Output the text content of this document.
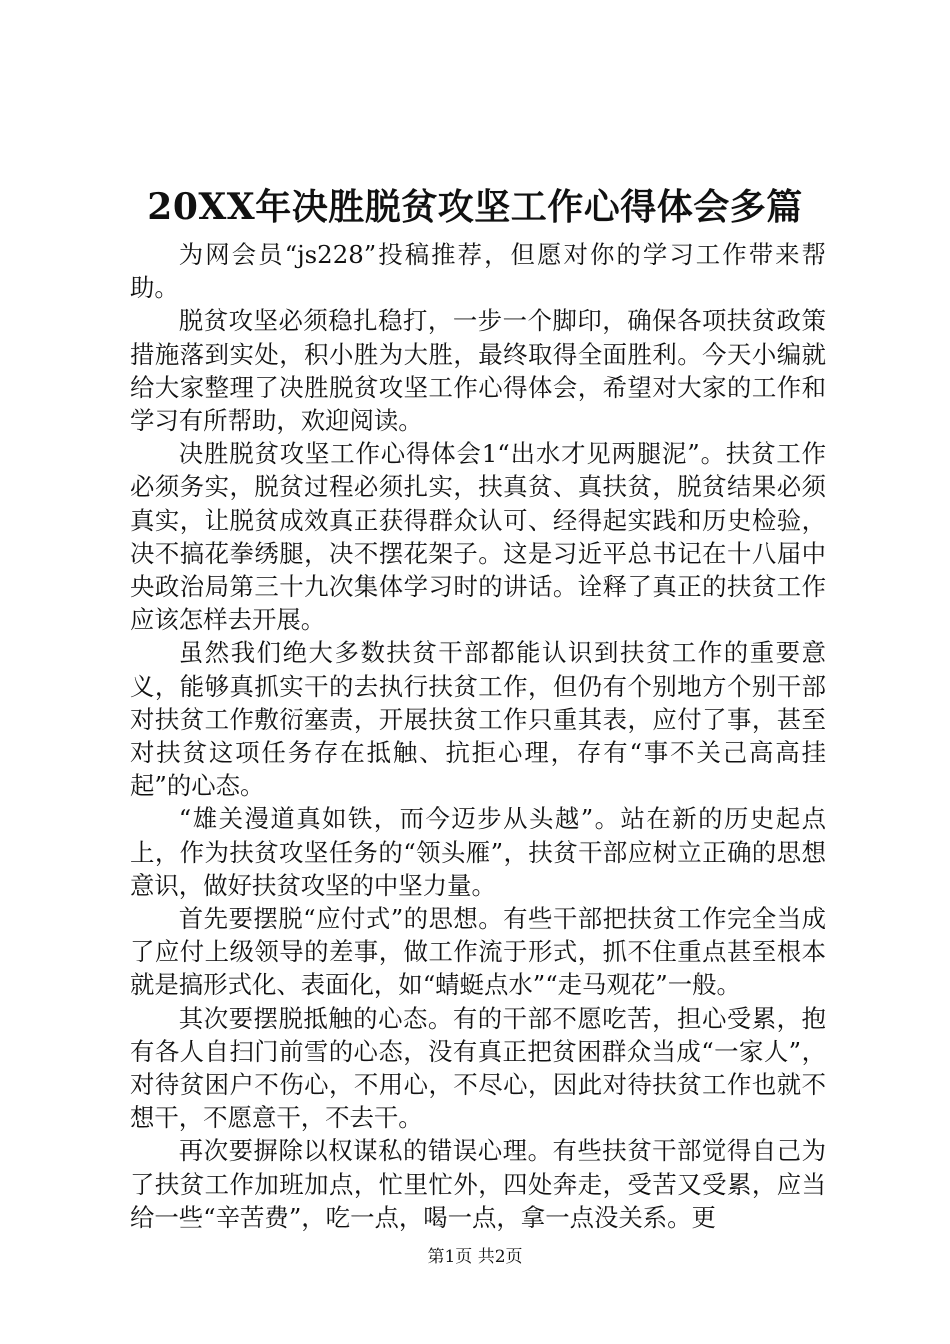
20XX年决胜脱贫攻坚工作心得体会多篇

为网会员“js228”投稿推荐，但愿对你的学习工作带来帮助。

脱贫攻坚必须稳扎稳打，一步一个脚印，确保各项扶贫政策措施落到实处，积小胜为大胜，最终取得全面胜利。今天小编就给大家整理了决胜脱贫攻坚工作心得体会，希望对大家的工作和学习有所帮助，欢迎阅读。

决胜脱贫攻坚工作心得体会1“出水才见两腿泥”。扶贫工作必须务实，脱贫过程必须扎实，扶真贫、真扶贫，脱贫结果必须真实，让脱贫成效真正获得群众认可、经得起实践和历史检验，决不搞花拳绣腿，决不摆花架子。这是习近平总书记在十八届中央政治局第三十九次集体学习时的讲话。诠释了真正的扶贫工作应该怎样去开展。

虽然我们绝大多数扶贫干部都能认识到扶贫工作的重要意义，能够真抓实干的去执行扶贫工作，但仍有个别地方个别干部对扶贫工作敷衍塞责，开展扶贫工作只重其表，应付了事，甚至对扶贫这项任务存在抵触、抗拒心理，存有“事不关己高高挂起”的心态。

“雄关漫道真如铁，而今迈步从头越”。站在新的历史起点上，作为扶贫攻坚任务的“领头雁”，扶贫干部应树立正确的思想意识，做好扶贫攻坚的中坚力量。

首先要摆脱“应付式”的思想。有些干部把扶贫工作完全当成了应付上级领导的差事，做工作流于形式，抓不住重点甚至根本就是搞形式化、表面化，如“蜻蜓点水”“走马观花”一般。

其次要摆脱抵触的心态。有的干部不愿吃苦，担心受累，抱有各人自扫门前雪的心态，没有真正把贫困群众当成“一家人”，对待贫困户不伤心，不用心，不尽心，因此对待扶贫工作也就不想干，不愿意干，不去干。

再次要摒除以权谋私的错误心理。有些扶贫干部觉得自己为了扶贫工作加班加点，忙里忙外，四处奔走，受苦又受累，应当给一些“辛苦费”，吃一点，喝一点，拿一点没关系。更

第1页 共2页
